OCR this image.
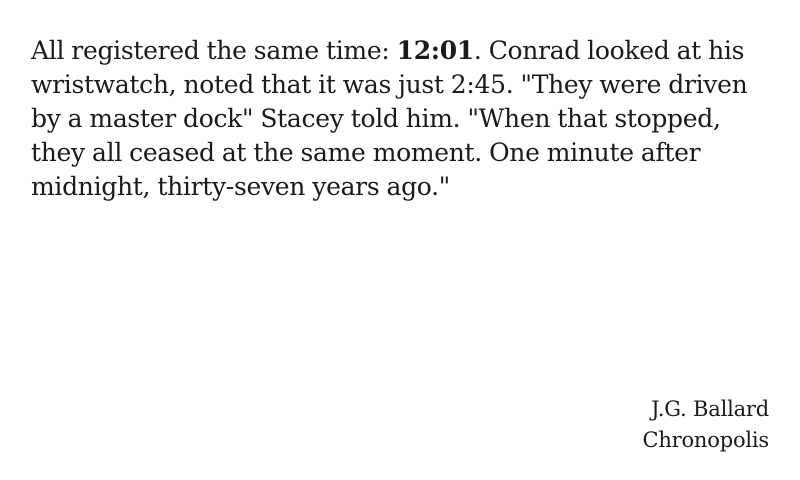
All registered the same time: 12:01. Conrad looked at his wristwatch, noted that it was just 2:45. "They were driven by a master dock" Stacey told him. "When that stopped, they all ceased at the same moment. One minute after midnight, thirty-seven years ago."

J.G. Ballard
Chronopolis
